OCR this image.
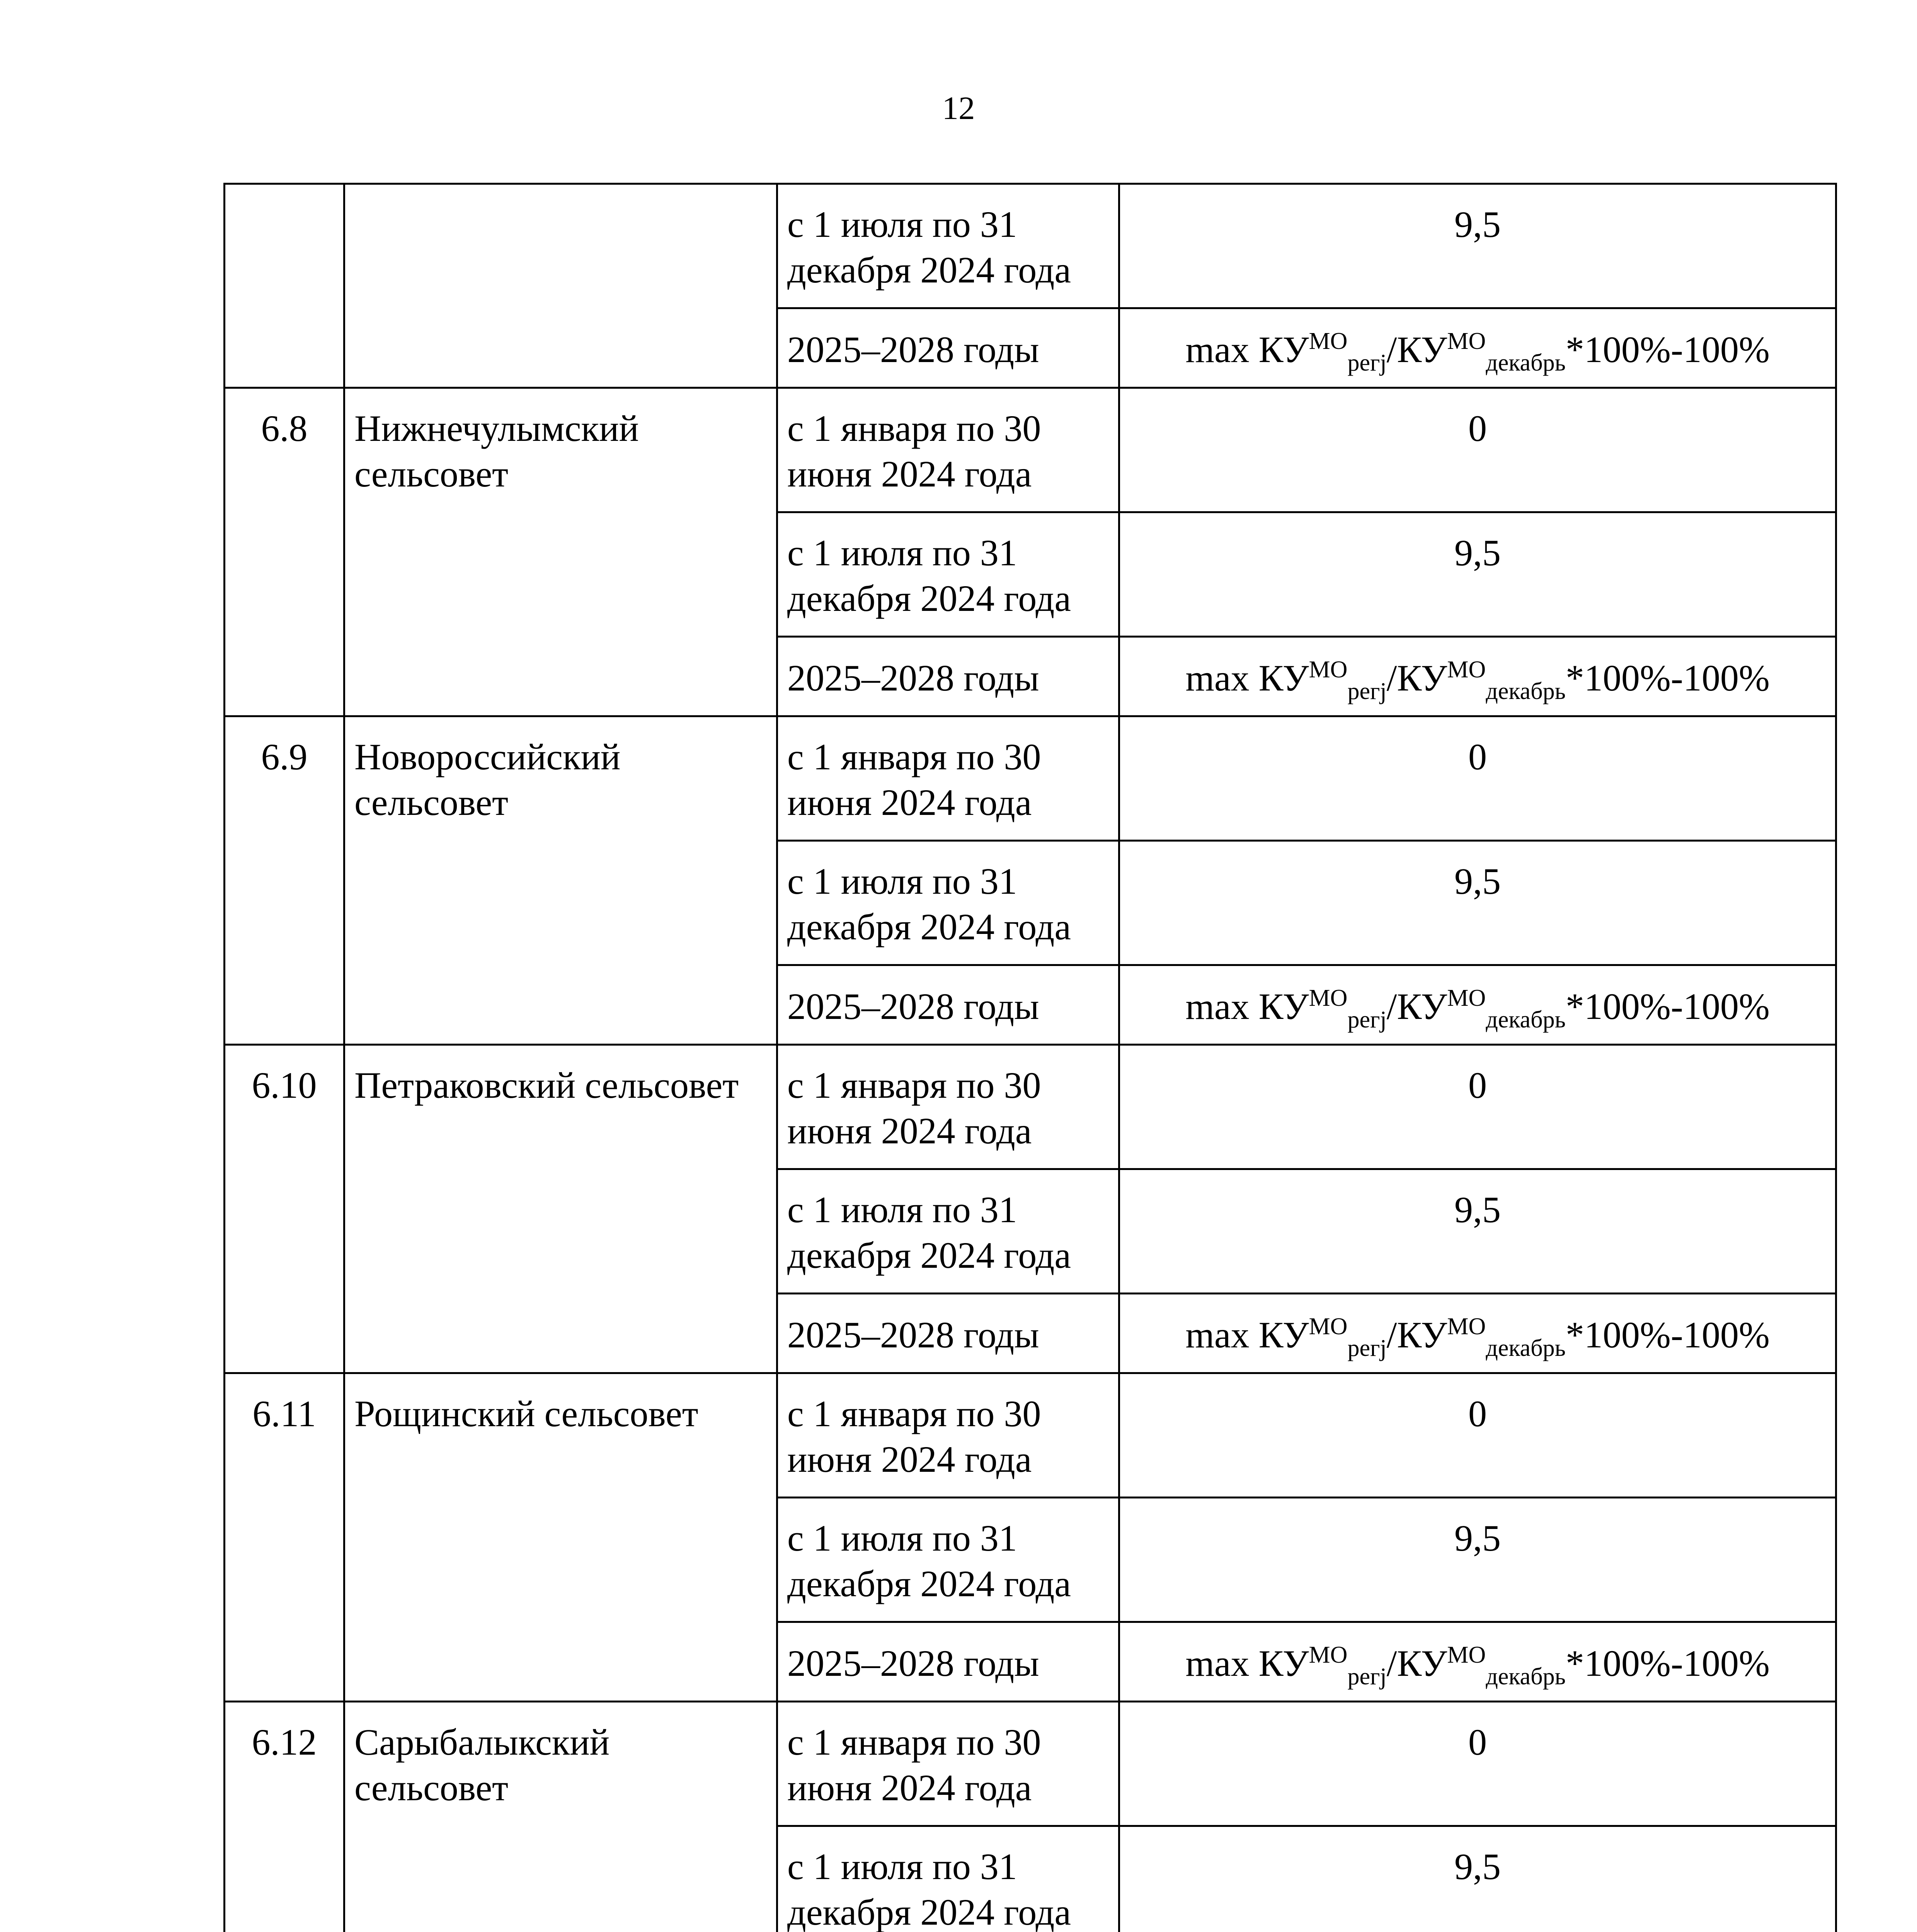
12
		с 1 июля по 31 декабря 2024 года	9,5
		2025–2028 годы	$\max КУ^{МО}_{регj}/КУ^{МО}_{декабрь}*100\%-100\%$
6.8	Нижнечулымский сельсовет	с 1 января по 30 июня 2024 года	0
		с 1 июля по 31 декабря 2024 года	9,5
		2025–2028 годы	$\max КУ^{МО}_{регj}/КУ^{МО}_{декабрь}*100\%-100\%$
6.9	Новороссийский сельсовет	с 1 января по 30 июня 2024 года	0
		с 1 июля по 31 декабря 2024 года	9,5
		2025–2028 годы	$\max КУ^{МО}_{регj}/КУ^{МО}_{декабрь}*100\%-100\%$
6.10	Петраковский сельсовет	с 1 января по 30 июня 2024 года	0
		с 1 июля по 31 декабря 2024 года	9,5
		2025–2028 годы	$\max КУ^{МО}_{регj}/КУ^{МО}_{декабрь}*100\%-100\%$
6.11	Рощинский сельсовет	с 1 января по 30 июня 2024 года	0
		с 1 июля по 31 декабря 2024 года	9,5
		2025–2028 годы	$\max КУ^{МО}_{регj}/КУ^{МО}_{декабрь}*100\%-100\%$
6.12	Сарыбалыкский сельсовет	с 1 января по 30 июня 2024 года	0
		с 1 июля по 31 декабря 2024 года	9,5
